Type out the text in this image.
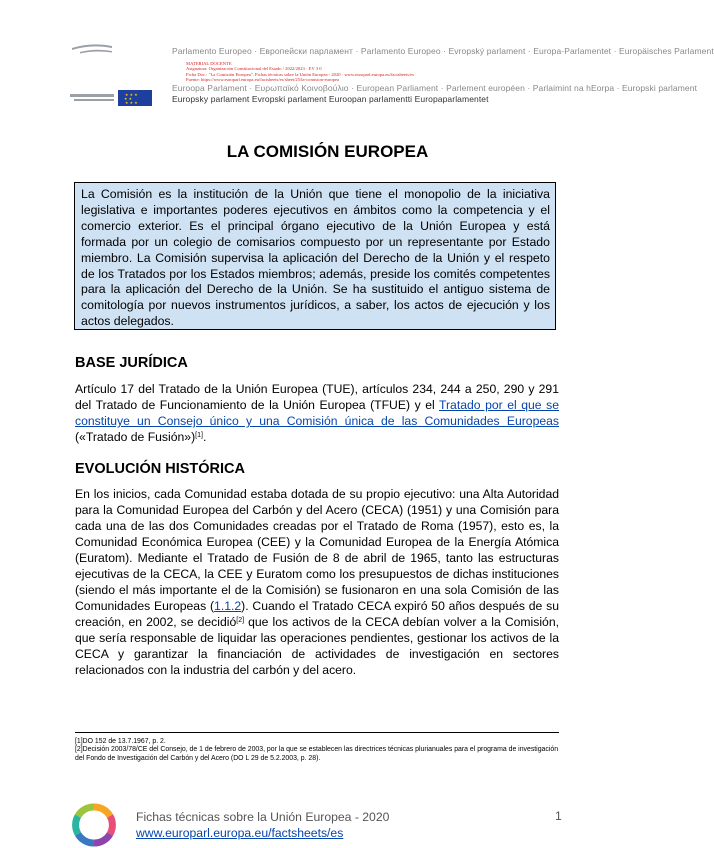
★ ★ ★
★ ★
★ ★ ★
Parlamento Europeo · Европейски парламент · Parlamento Europeo · Evropský parlament · Europa-Parlamentet · Europäisches Parlament
Euroopa Parlament · Ευρωπαϊκό Κοινοβούλιο · European Parliament · Parlement européen · Parlaimint na hEorpa · Europski parlament
Europsky parlament Evropski parlament Euroopan parlamentti Europaparlamentet
MATERIAL DOCENTE
Asignatura: Organización Constitucional del Estado / 2022/2023 · EV 3 0
Ficha Doc.: "La Comisión Europea". Fichas técnicas sobre la Unión Europea - 2020 · www.europarl.europa.eu/factsheets/es
Fuente: https://www.europarl.europa.eu/factsheets/es/sheet/25/la-comision-europea
LA COMISIÓN EUROPEA
La Comisión es la institución de la Unión que tiene el monopolio de la iniciativa legislativa e importantes poderes ejecutivos en ámbitos como la competencia y el comercio exterior. Es el principal órgano ejecutivo de la Unión Europea y está formada por un colegio de comisarios compuesto por un representante por Estado miembro. La Comisión supervisa la aplicación del Derecho de la Unión y el respeto de los Tratados por los Estados miembros; además, preside los comités competentes para la aplicación del Derecho de la Unión. Se ha sustituido el antiguo sistema de comitología por nuevos instrumentos jurídicos, a saber, los actos de ejecución y los actos delegados.
BASE JURÍDICA
Artículo 17 del Tratado de la Unión Europea (TUE), artículos 234, 244 a 250, 290 y 291 del Tratado de Funcionamiento de la Unión Europea (TFUE) y el Tratado por el que se constituye un Consejo único y una Comisión única de las Comunidades Europeas («Tratado de Fusión»)[1].
EVOLUCIÓN HISTÓRICA
En los inicios, cada Comunidad estaba dotada de su propio ejecutivo: una Alta Autoridad para la Comunidad Europea del Carbón y del Acero (CECA) (1951) y una Comisión para cada una de las dos Comunidades creadas por el Tratado de Roma (1957), esto es, la Comunidad Económica Europea (CEE) y la Comunidad Europea de la Energía Atómica (Euratom). Mediante el Tratado de Fusión de 8 de abril de 1965, tanto las estructuras ejecutivas de la CECA, la CEE y Euratom como los presupuestos de dichas instituciones (siendo el más importante el de la Comisión) se fusionaron en una sola Comisión de las Comunidades Europeas (1.1.2). Cuando el Tratado CECA expiró 50 años después de su creación, en 2002, se decidió[2] que los activos de la CECA debían volver a la Comisión, que sería responsable de liquidar las operaciones pendientes, gestionar los activos de la CECA y garantizar la financiación de actividades de investigación en sectores relacionados con la industria del carbón y del acero.
[1]DO 152 de 13.7.1967, p. 2.
[2]Decisión 2003/78/CE del Consejo, de 1 de febrero de 2003, por la que se establecen las directrices técnicas plurianuales para el programa de investigación del Fondo de Investigación del Carbón y del Acero (DO L 29 de 5.2.2003, p. 28).
Fichas técnicas sobre la Unión Europea - 2020
www.europarl.europa.eu/factsheets/es
1
